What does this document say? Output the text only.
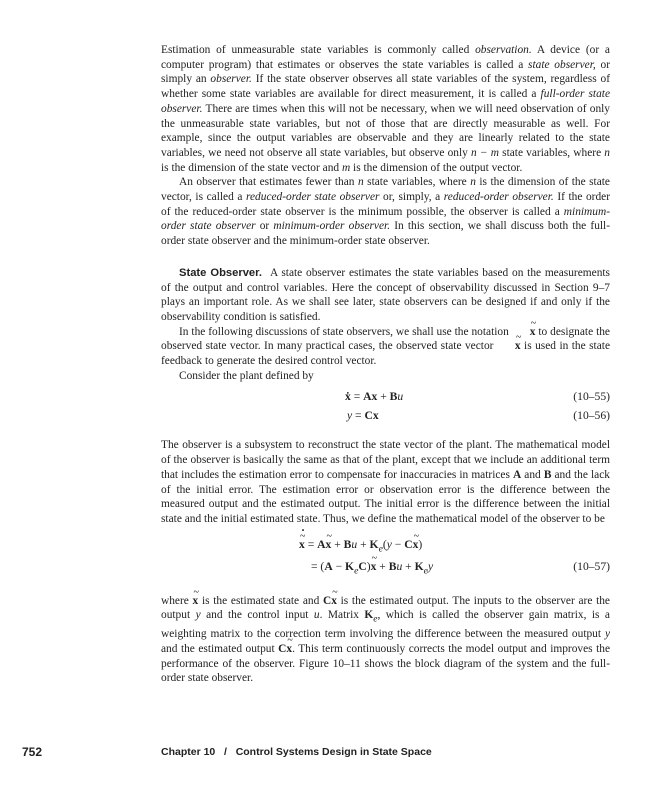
Estimation of unmeasurable state variables is commonly called observation. A device (or a computer program) that estimates or observes the state variables is called a state observer, or simply an observer. If the state observer observes all state variables of the system, regardless of whether some state variables are available for direct measurement, it is called a full-order state observer. There are times when this will not be necessary, when we will need observation of only the unmeasurable state variables, but not of those that are directly measurable as well. For example, since the output variables are observable and they are linearly related to the state variables, we need not observe all state variables, but observe only n − m state variables, where n is the dimension of the state vector and m is the dimension of the output vector.

An observer that estimates fewer than n state variables, where n is the dimension of the state vector, is called a reduced-order state observer or, simply, a reduced-order observer. If the order of the reduced-order state observer is the minimum possible, the observer is called a minimum-order state observer or minimum-order observer. In this section, we shall discuss both the full-order state observer and the minimum-order state observer.

State Observer. A state observer estimates the state variables based on the measurements of the output and control variables. Here the concept of observability discussed in Section 9–7 plays an important role. As we shall see later, state observers can be designed if and only if the observability condition is satisfied.

In the following discussions of state observers, we shall use the notation ~ x to designate the observed state vector. In many practical cases, the observed state vector ~ x is used in the state feedback to generate the desired control vector.

Consider the plant defined by

ẋ = Ax + Bu	(10–55)
y = Cx	(10–56)

The observer is a subsystem to reconstruct the state vector of the plant. The mathematical model of the observer is basically the same as that of the plant, except that we include an additional term that includes the estimation error to compensate for inaccuracies in matrices A and B and the lack of the initial error. The estimation error or observation error is the difference between the measured output and the estimated output. The initial error is the difference between the initial state and the initial estimated state. Thus, we define the mathematical model of the observer to be

~ x · = A~ $x + Bu + K_e(y$ − C~ x)
= $(A - K_eC)\sim$ $x + Bu + K_ey$	(10–57)

where ~ x is the estimated state and C~ x is the estimated output. The inputs to the observer are the output y and the control input u. Matrix $K_e$, which is called the observer gain matrix, is a weighting matrix to the correction term involving the difference between the measured output y and the estimated output C~ x. This term continuously corrects the model output and improves the performance of the observer. Figure 10–11 shows the block diagram of the system and the full-order state observer.

752	Chapter 10   /   Control Systems Design in State Space
